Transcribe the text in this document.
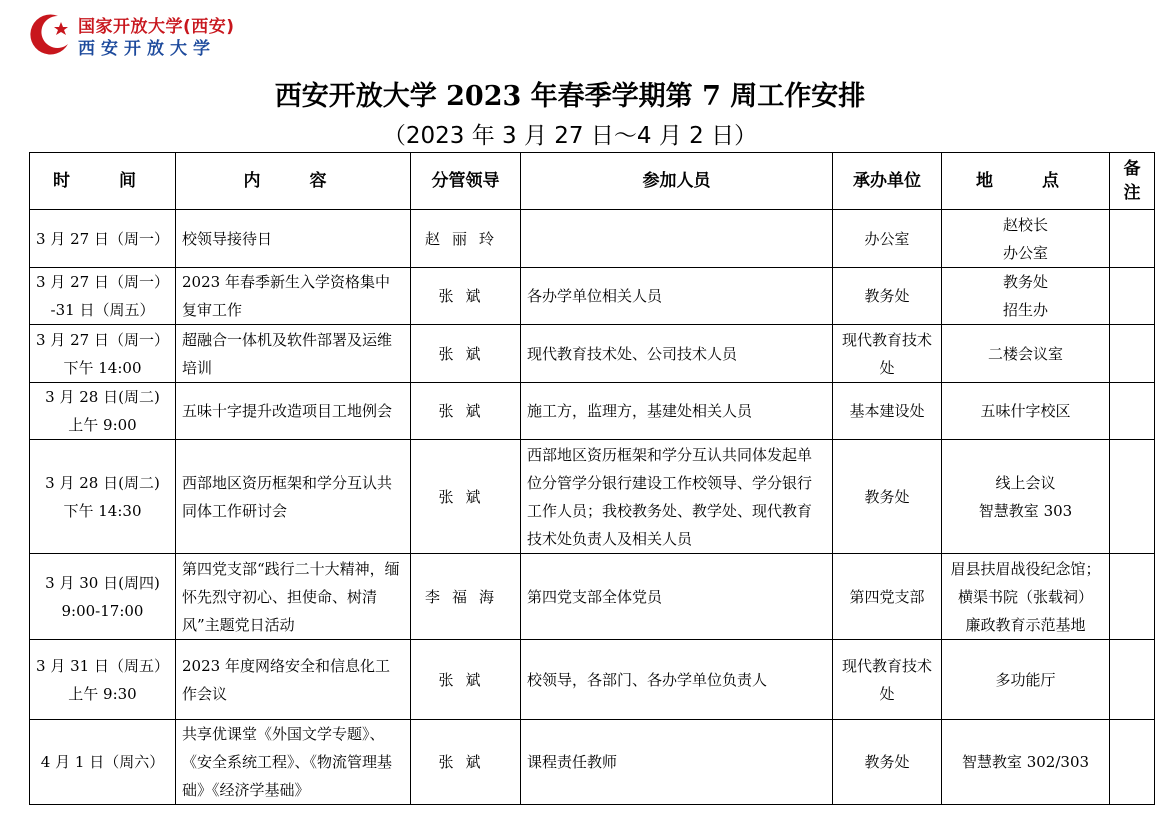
国家开放大学(西安)
西安开放大学
西安开放大学 2023 年春季学期第 7 周工作安排
（2023 年 3 月 27 日～4 月 2 日）
时　间	内　容	分管领导	参加人员	承办单位	地　点	备注

3 月 27 日（周一）	校领导接待日	赵丽玲		办公室	赵校长
办公室	

3 月 27 日（周一）
-31 日（周五）	2023 年春季新生入学资格集中复审工作	张斌	各办学单位相关人员	教务处	教务处
招生办	

3 月 27 日（周一）
下午 14:00	超融合一体机及软件部署及运维培训	张斌	现代教育技术处、公司技术人员	现代教育技术处	二楼会议室	

3 月 28 日(周二)
上午 9:00	五味十字提升改造项目工地例会	张斌	施工方，监理方，基建处相关人员	基本建设处	五味什字校区	

3 月 28 日(周二)
下午 14:30	西部地区资历框架和学分互认共同体工作研讨会	张斌	西部地区资历框架和学分互认共同体发起单位分管学分银行建设工作校领导、学分银行工作人员；我校教务处、教学处、现代教育技术处负责人及相关人员	教务处	线上会议
智慧教室 303	

3 月 30 日(周四)
9:00-17:00	第四党支部“践行二十大精神，缅怀先烈守初心、担使命、树清风”主题党日活动	李福海	第四党支部全体党员	第四党支部	眉县扶眉战役纪念馆；
横渠书院（张载祠）
廉政教育示范基地	

3 月 31 日（周五）
上午 9:30	2023 年度网络安全和信息化工作会议	张斌	校领导，各部门、各办学单位负责人	现代教育技术处	多功能厅	

4 月 1 日（周六）	共享优课堂《外国文学专题》、《安全系统工程》、《物流管理基础》《经济学基础》	张斌	课程责任教师	教务处	智慧教室 302/303	
